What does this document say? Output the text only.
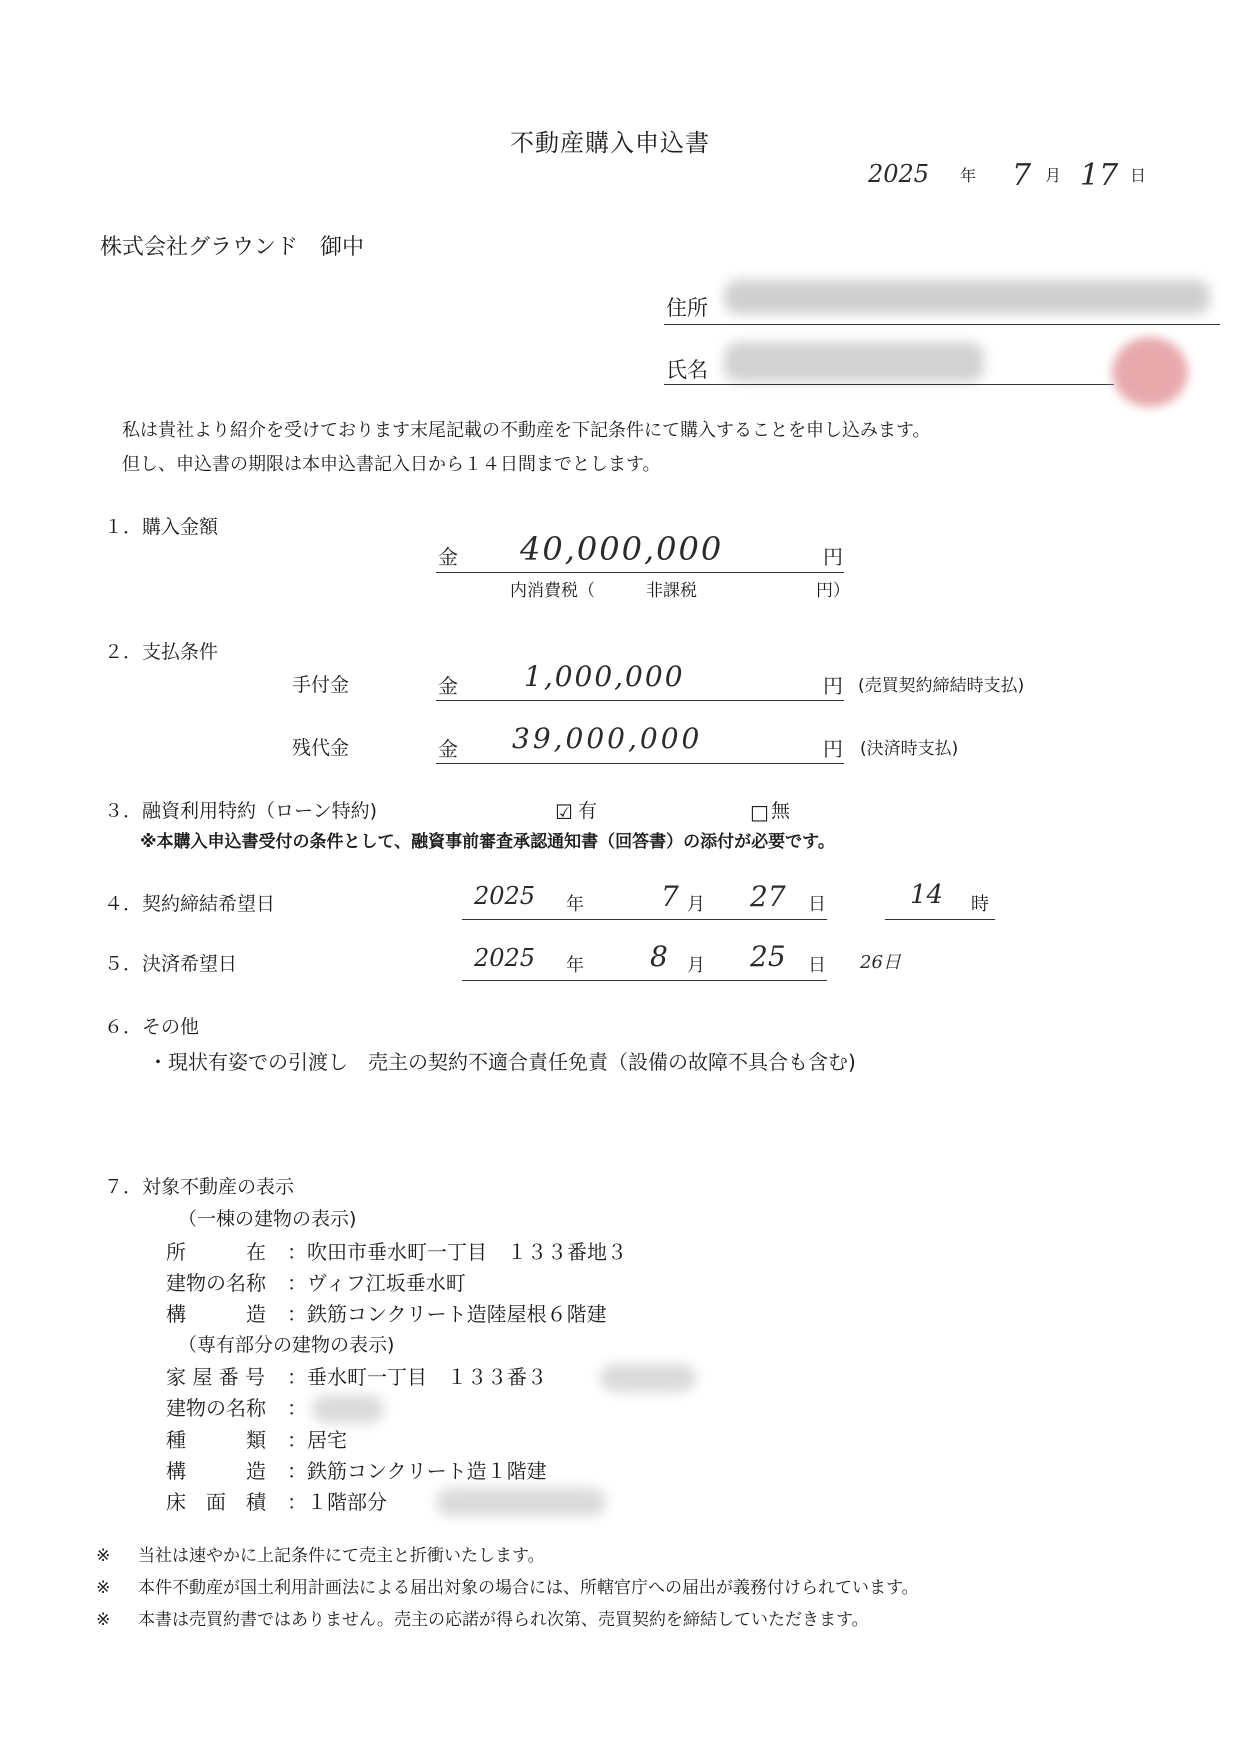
不動産購入申込書
2025 年 7 月 17 日
株式会社グラウンド　御中
住所
氏名
私は貴社より紹介を受けております末尾記載の不動産を下記条件にて購入することを申し込みます。
但し、申込書の期限は本申込書記入日から１４日間までとします。
１．購入金額
金 40,000,000	円
内消費税（　　　非課税　　　　　　　円）
２．支払条件
手付金	金 1,000,000	円 (売買契約締結時支払)
残代金	金 39,000,000	円 (決済時支払)
３．融資利用特約（ローン特約)	☑ 有	□ 無
※本購入申込書受付の条件として、融資事前審査承認通知書（回答書）の添付が必要です。
４．契約締結希望日	2025 年	7 月 27 日	14 時
５．決済希望日	2025 年 8 月 25 日 26日
６．その他
・現状有姿での引渡し　売主の契約不適合責任免責（設備の故障不具合も含む)
７．対象不動産の表示
（一棟の建物の表示)
所　　　在 ：吹田市垂水町一丁目　１３３番地３
建物の名称 ：ヴィフ江坂垂水町
構　　　造 ：鉄筋コンクリート造陸屋根６階建
（専有部分の建物の表示)
家 屋 番 号 ：垂水町一丁目　１３３番３
建物の名称 ：
種　　　類 ：居宅
構　　　造 ：鉄筋コンクリート造１階建
床　面　積 ：１階部分
※ 当社は速やかに上記条件にて売主と折衝いたします。
※ 本件不動産が国土利用計画法による届出対象の場合には、所轄官庁への届出が義務付けられています。
※ 本書は売買約書ではありません。売主の応諾が得られ次第、売買契約を締結していただきます。
